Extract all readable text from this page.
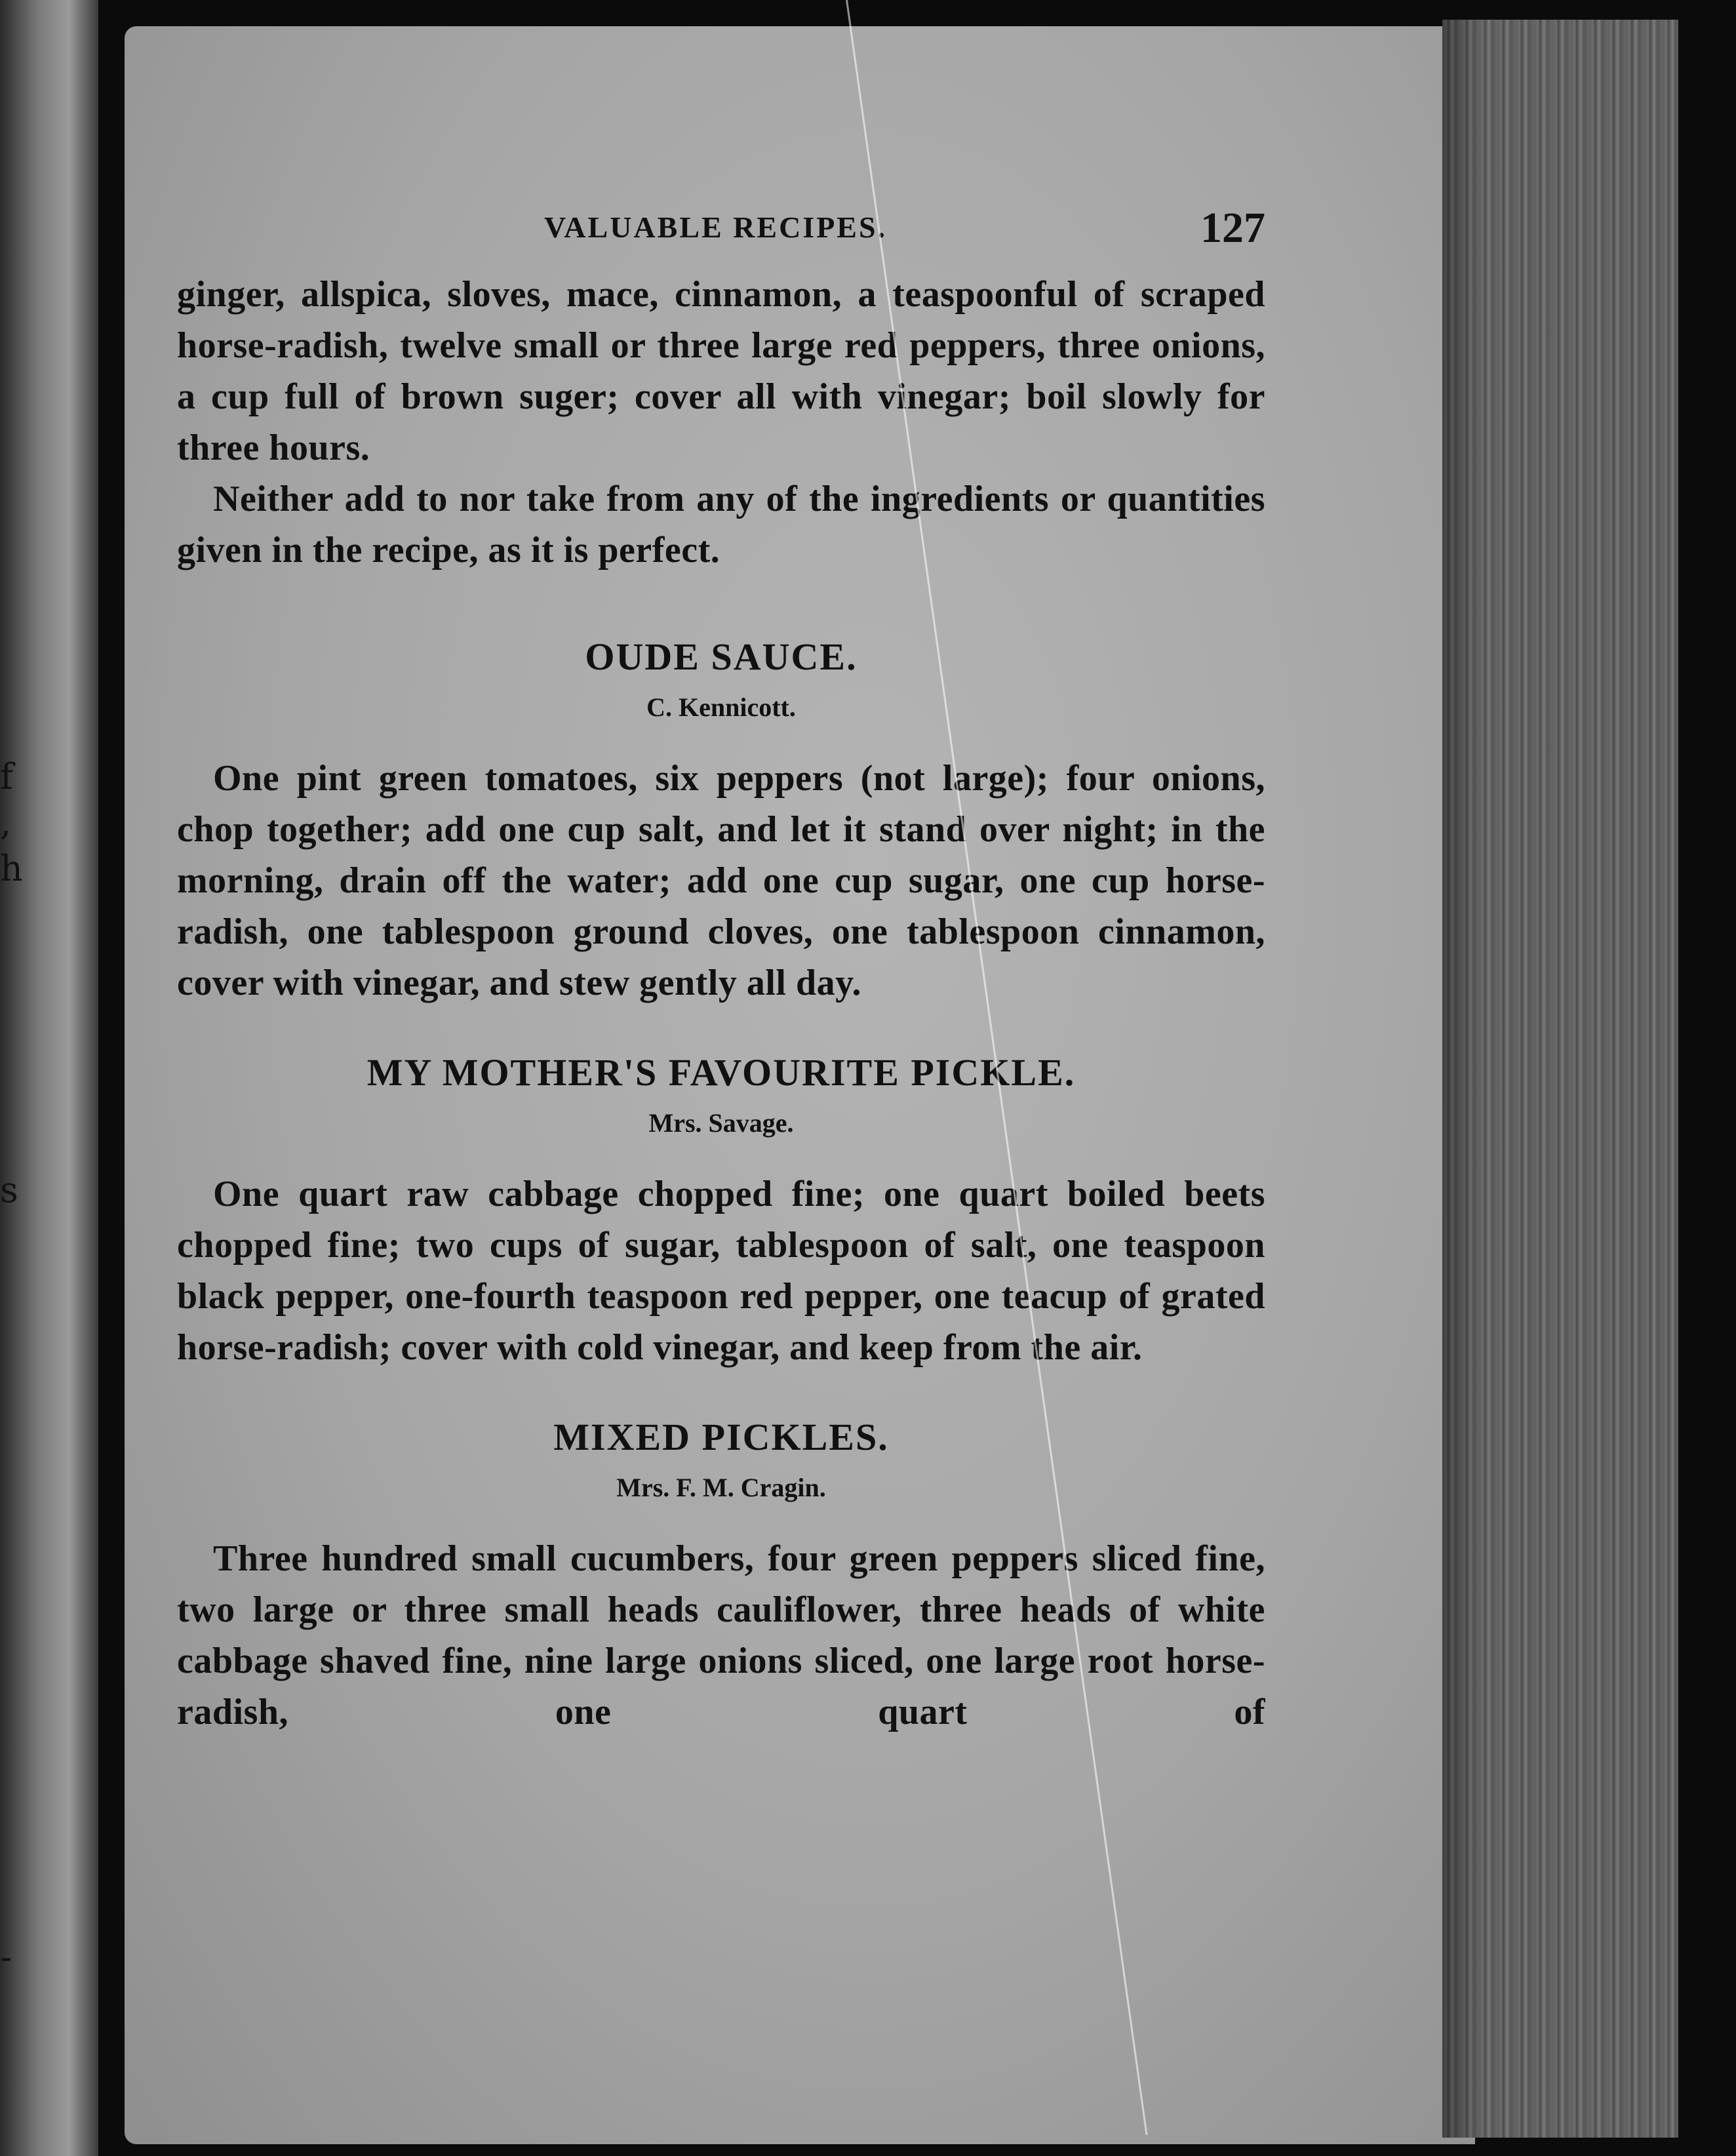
f
,
h
s
-
VALUABLE RECIPES.	127

ginger, allspica, sloves, mace, cinnamon, a teaspoonful of scraped horse-radish, twelve small or three large red peppers, three onions, a cup full of brown suger; cover all with vinegar; boil slowly for three hours.

Neither add to nor take from any of the ingredients or quantities given in the recipe, as it is perfect.

OUDE SAUCE.
C. Kennicott.

One pint green tomatoes, six peppers (not large); four onions, chop together; add one cup salt, and let it stand over night; in the morning, drain off the water; add one cup sugar, one cup horse-radish, one tablespoon ground cloves, one tablespoon cinnamon, cover with vinegar, and stew gently all day.

MY MOTHER'S FAVOURITE PICKLE.
Mrs. Savage.

One quart raw cabbage chopped fine; one quart boiled beets chopped fine; two cups of sugar, tablespoon of salt, one teaspoon black pepper, one-fourth teaspoon red pepper, one teacup of grated horse-radish; cover with cold vinegar, and keep from the air.

MIXED PICKLES.
Mrs. F. M. Cragin.

Three hundred small cucumbers, four green peppers sliced fine, two large or three small heads cauliflower, three heads of white cabbage shaved fine, nine large onions sliced, one large root horse-radish, one quart of
